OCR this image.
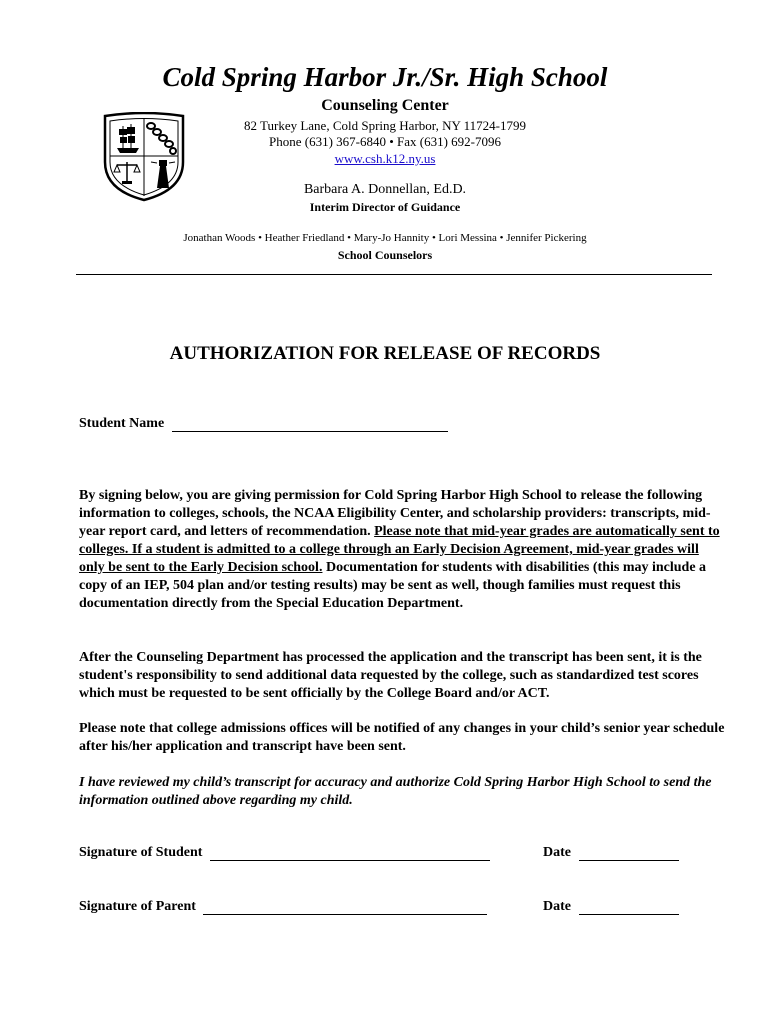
Cold Spring Harbor Jr./Sr. High School
Counseling Center
82 Turkey Lane, Cold Spring Harbor, NY 11724-1799
Phone (631) 367-6840 • Fax (631) 692-7096
www.csh.k12.ny.us
Barbara A. Donnellan, Ed.D.
Interim Director of Guidance
Jonathan Woods • Heather Friedland • Mary-Jo Hannity • Lori Messina • Jennifer Pickering
School Counselors
AUTHORIZATION FOR RELEASE OF RECORDS
Student Name

By signing below, you are giving permission for Cold Spring Harbor High School to release the following information to colleges, schools, the NCAA Eligibility Center, and scholarship providers: transcripts, mid-year report card, and letters of recommendation. Please note that mid-year grades are automatically sent to colleges. If a student is admitted to a college through an Early Decision Agreement, mid-year grades will only be sent to the Early Decision school. Documentation for students with disabilities (this may include a copy of an IEP, 504 plan and/or testing results) may be sent as well, though families must request this documentation directly from the Special Education Department.

After the Counseling Department has processed the application and the transcript has been sent, it is the student's responsibility to send additional data requested by the college, such as standardized test scores which must be requested to be sent officially by the College Board and/or ACT.

Please note that college admissions offices will be notified of any changes in your child’s senior year schedule after his/her application and transcript have been sent.

I have reviewed my child’s transcript for accuracy and authorize Cold Spring Harbor High School to send the information outlined above regarding my child.

Signature of Student	Date
Signature of Parent	Date
